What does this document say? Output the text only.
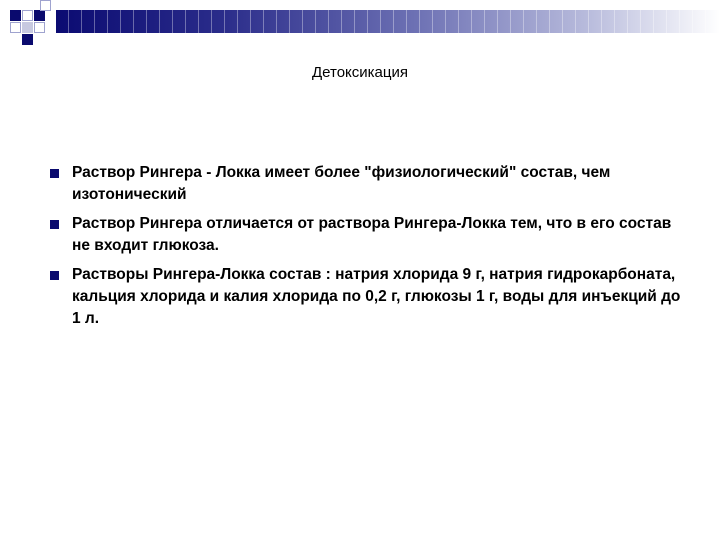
Детоксикация
Раствор Рингера - Локка имеет более "физиологический" состав, чем изотонический
Раствор Рингера отличается от раствора Рингера-Локка тем, что в его состав не входит глюкоза.
Растворы Рингера-Локка состав : натрия хлорида 9 г, натрия гидрокарбоната, кальция хлорида и калия хлорида по 0,2 г, глюкозы 1 г, воды для инъекций до 1 л.
